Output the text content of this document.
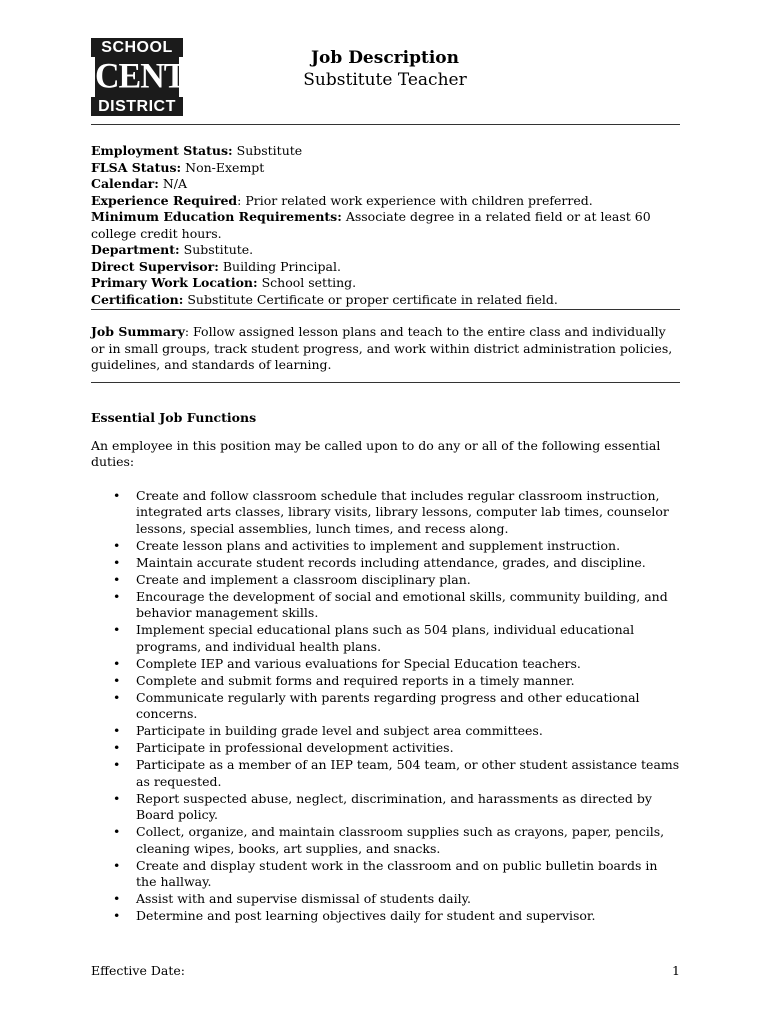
SCHOOL
CENTER
DISTRICT
Job Description
Substitute Teacher

Employment Status: Substitute

FLSA Status: Non-Exempt

Calendar: N/A

Experience Required: Prior related work experience with children preferred.

Minimum Education Requirements: Associate degree in a related field or at least 60 college credit hours.

Department: Substitute.

Direct Supervisor: Building Principal.

Primary Work Location: School setting.

Certification: Substitute Certificate or proper certificate in related field.

Job Summary: Follow assigned lesson plans and teach to the entire class and individually or in small groups, track student progress, and work within district administration policies, guidelines, and standards of learning.

Essential Job Functions

An employee in this position may be called upon to do any or all of the following essential duties:

• Create and follow classroom schedule that includes regular classroom instruction, integrated arts classes, library visits, library lessons, computer lab times, counselor lessons, special assemblies, lunch times, and recess along.
• Create lesson plans and activities to implement and supplement instruction.
• Maintain accurate student records including attendance, grades, and discipline.
• Create and implement a classroom disciplinary plan.
• Encourage the development of social and emotional skills, community building, and behavior management skills.
• Implement special educational plans such as 504 plans, individual educational programs, and individual health plans.
• Complete IEP and various evaluations for Special Education teachers.
• Complete and submit forms and required reports in a timely manner.
• Communicate regularly with parents regarding progress and other educational concerns.
• Participate in building grade level and subject area committees.
• Participate in professional development activities.
• Participate as a member of an IEP team, 504 team, or other student assistance teams as requested.
• Report suspected abuse, neglect, discrimination, and harassments as directed by Board policy.
• Collect, organize, and maintain classroom supplies such as crayons, paper, pencils, cleaning wipes, books, art supplies, and snacks.
• Create and display student work in the classroom and on public bulletin boards in the hallway.
• Assist with and supervise dismissal of students daily.
• Determine and post learning objectives daily for student and supervisor.
Effective Date:	1
